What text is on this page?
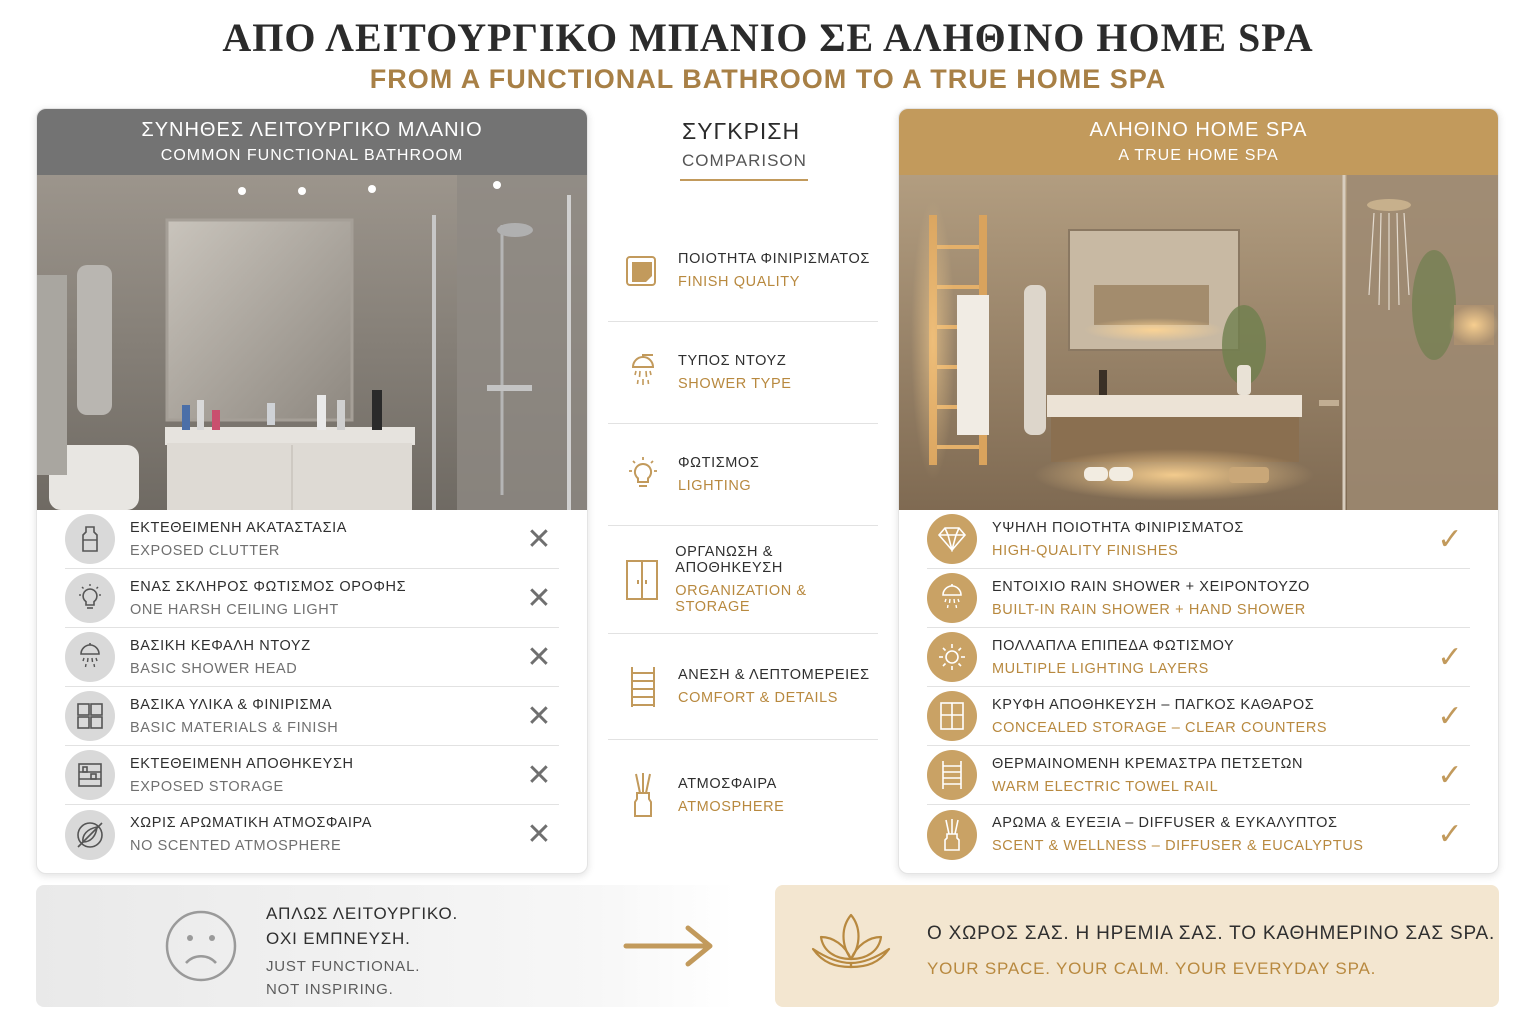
ΑΠΟ ΛΕΙΤΟΥΡΓΙΚΟ ΜΠΑΝΙΟ ΣΕ ΑΛΗΘΙΝΟ HOME SPA
FROM A FUNCTIONAL BATHROOM TO A TRUE HOME SPA
ΣΥΝΗΘΕΣ ΛΕΙΤΟΥΡΓΙΚΟ ΜΛΑΝΙΟ
COMMON FUNCTIONAL BATHROOM
ΕΚΤΕΘΕΙΜΕΝΗ ΑΚΑΤΑΣΤΑΣΙΑ
EXPOSED CLUTTER	✕
ΕΝΑΣ ΣΚΛΗΡΟΣ ΦΩΤΙΣΜΟΣ ΟΡΟΦΗΣ
ONE HARSH CEILING LIGHT	✕
ΒΑΣΙΚΗ ΚΕΦΑΛΗ ΝΤΟΥΖ
BASIC SHOWER HEAD	✕
ΒΑΣΙΚΑ ΥΛΙΚΑ & ΦΙΝΙΡΙΣΜΑ
BASIC MATERIALS & FINISH	✕
ΕΚΤΕΘΕΙΜΕΝΗ ΑΠΟΘΗΚΕΥΣΗ
EXPOSED STORAGE	✕
ΧΩΡΙΣ ΑΡΩΜΑΤΙΚΗ ΑΤΜΟΣΦΑΙΡΑ
NO SCENTED ATMOSPHERE	✕
ΣΥΓΚΡΙΣΗ
COMPARISON
ΠΟΙΟΤΗΤΑ ΦΙΝΙΡΙΣΜΑΤΟΣ
FINISH QUALITY
ΤΥΠΟΣ ΝΤΟΥΖ
SHOWER TYPE
ΦΩΤΙΣΜΟΣ
LIGHTING
ΟΡΓΑΝΩΣΗ & ΑΠΟΘΗΚΕΥΣΗ
ORGANIZATION & STORAGE
ΑΝΕΣΗ & ΛΕΠΤΟΜΕΡΕΙΕΣ
COMFORT & DETAILS
ΑΤΜΟΣΦΑΙΡΑ
ATMOSPHERE
ΑΛΗΘΙΝΟ HOME SPA
A TRUE HOME SPA
ΥΨΗΛΗ ΠΟΙΟΤΗΤΑ ΦΙΝΙΡΙΣΜΑΤΟΣ
HIGH-QUALITY FINISHES	✓
ΕΝΤΟΙΧΙΟ RAIN SHOWER + ΧΕΙΡΟΝΤΟΥΖΟ
BUILT-IN RAIN SHOWER + HAND SHOWER
ΠΟΛΛΑΠΛΑ ΕΠΙΠΕΔΑ ΦΩΤΙΣΜΟΥ
MULTIPLE LIGHTING LAYERS	✓
ΚΡΥΦΗ ΑΠΟΘΗΚΕΥΣΗ – ΠΑΓΚΟΣ ΚΑΘΑΡΟΣ
CONCEALED STORAGE – CLEAR COUNTERS	✓
ΘΕΡΜΑΙΝΟΜΕΝΗ ΚΡΕΜΑΣΤΡΑ ΠΕΤΣΕΤΩΝ
WARM ELECTRIC TOWEL RAIL	✓
ΑΡΩΜΑ & ΕΥΕΞΙΑ – DIFFUSER & ΕΥΚΑΛΥΠΤΟΣ
SCENT & WELLNESS – DIFFUSER & EUCALYPTUS	✓
ΑΠΛΩΣ ΛΕΙΤΟΥΡΓΙΚΟ.
ΟΧΙ ΕΜΠΝΕΥΣΗ.
JUST FUNCTIONAL.
NOT INSPIRING.
Ο ΧΩΡΟΣ ΣΑΣ. Η ΗΡΕΜΙΑ ΣΑΣ. ΤΟ ΚΑΘΗΜΕΡΙΝΟ ΣΑΣ SPA.
YOUR SPACE. YOUR CALM. YOUR EVERYDAY SPA.
